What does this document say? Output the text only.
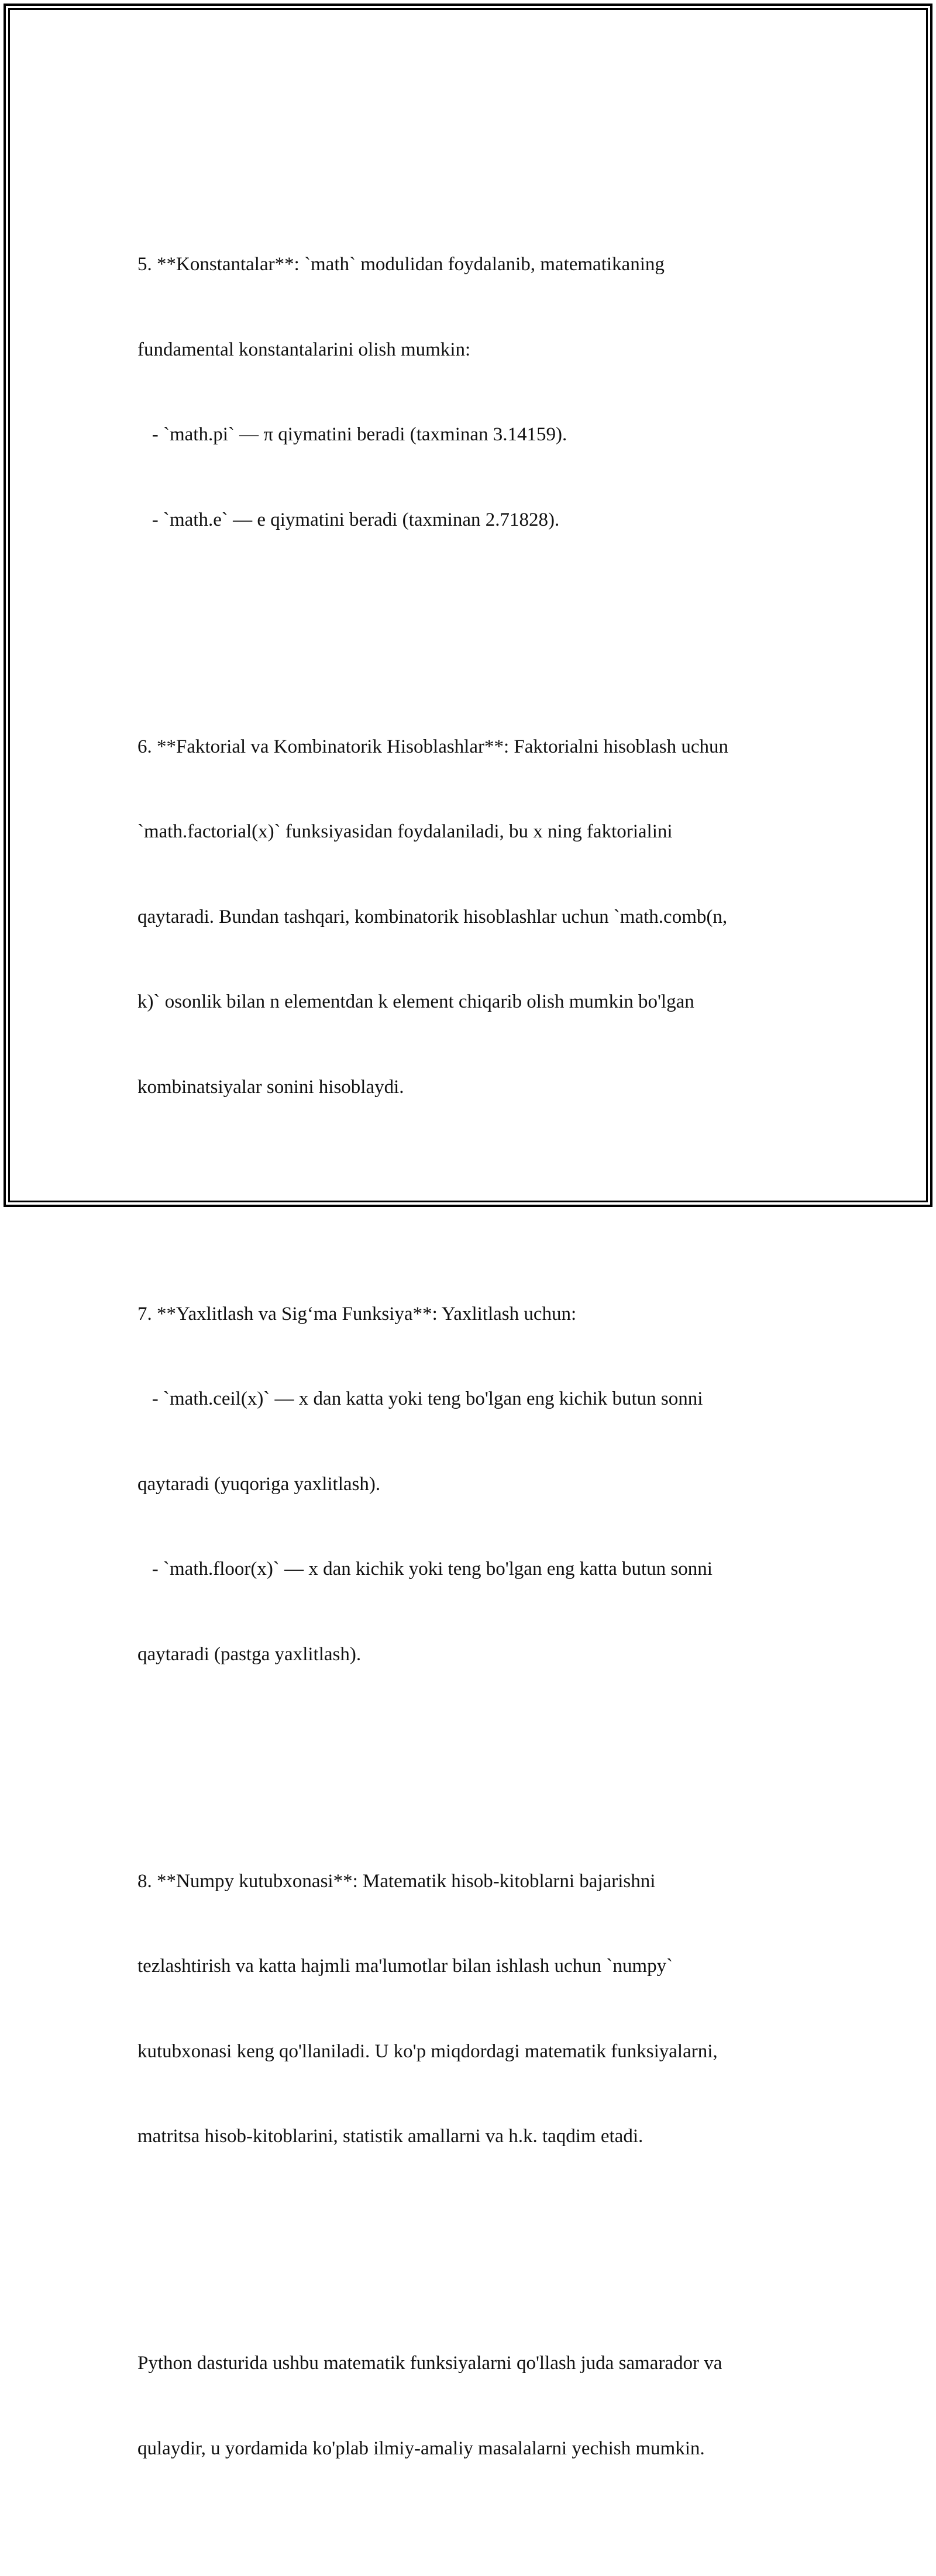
5. **Konstantalar**: `math` modulidan foydalanib, matematikaning

fundamental konstantalarini olish mumkin:

- `math.pi` — π qiymatini beradi (taxminan 3.14159).

- `math.e` — e qiymatini beradi (taxminan 2.71828).

6. **Faktorial va Kombinatorik Hisoblashlar**: Faktorialni hisoblash uchun

`math.factorial(x)` funksiyasidan foydalaniladi, bu x ning faktorialini

qaytaradi. Bundan tashqari, kombinatorik hisoblashlar uchun `math.comb(n,

k)` osonlik bilan n elementdan k element chiqarib olish mumkin bo'lgan

kombinatsiyalar sonini hisoblaydi.

7. **Yaxlitlash va Sig‘ma Funksiya**: Yaxlitlash uchun:

- `math.ceil(x)` — x dan katta yoki teng bo'lgan eng kichik butun sonni

qaytaradi (yuqoriga yaxlitlash).

- `math.floor(x)` — x dan kichik yoki teng bo'lgan eng katta butun sonni

qaytaradi (pastga yaxlitlash).

8. **Numpy kutubxonasi**: Matematik hisob-kitoblarni bajarishni

tezlashtirish va katta hajmli ma'lumotlar bilan ishlash uchun `numpy`

kutubxonasi keng qo'llaniladi. U ko'p miqdordagi matematik funksiyalarni,

matritsa hisob-kitoblarini, statistik amallarni va h.k. taqdim etadi.

Python dasturida ushbu matematik funksiyalarni qo'llash juda samarador va

qulaydir, u yordamida ko'plab ilmiy-amaliy masalalarni yechish mumkin.
